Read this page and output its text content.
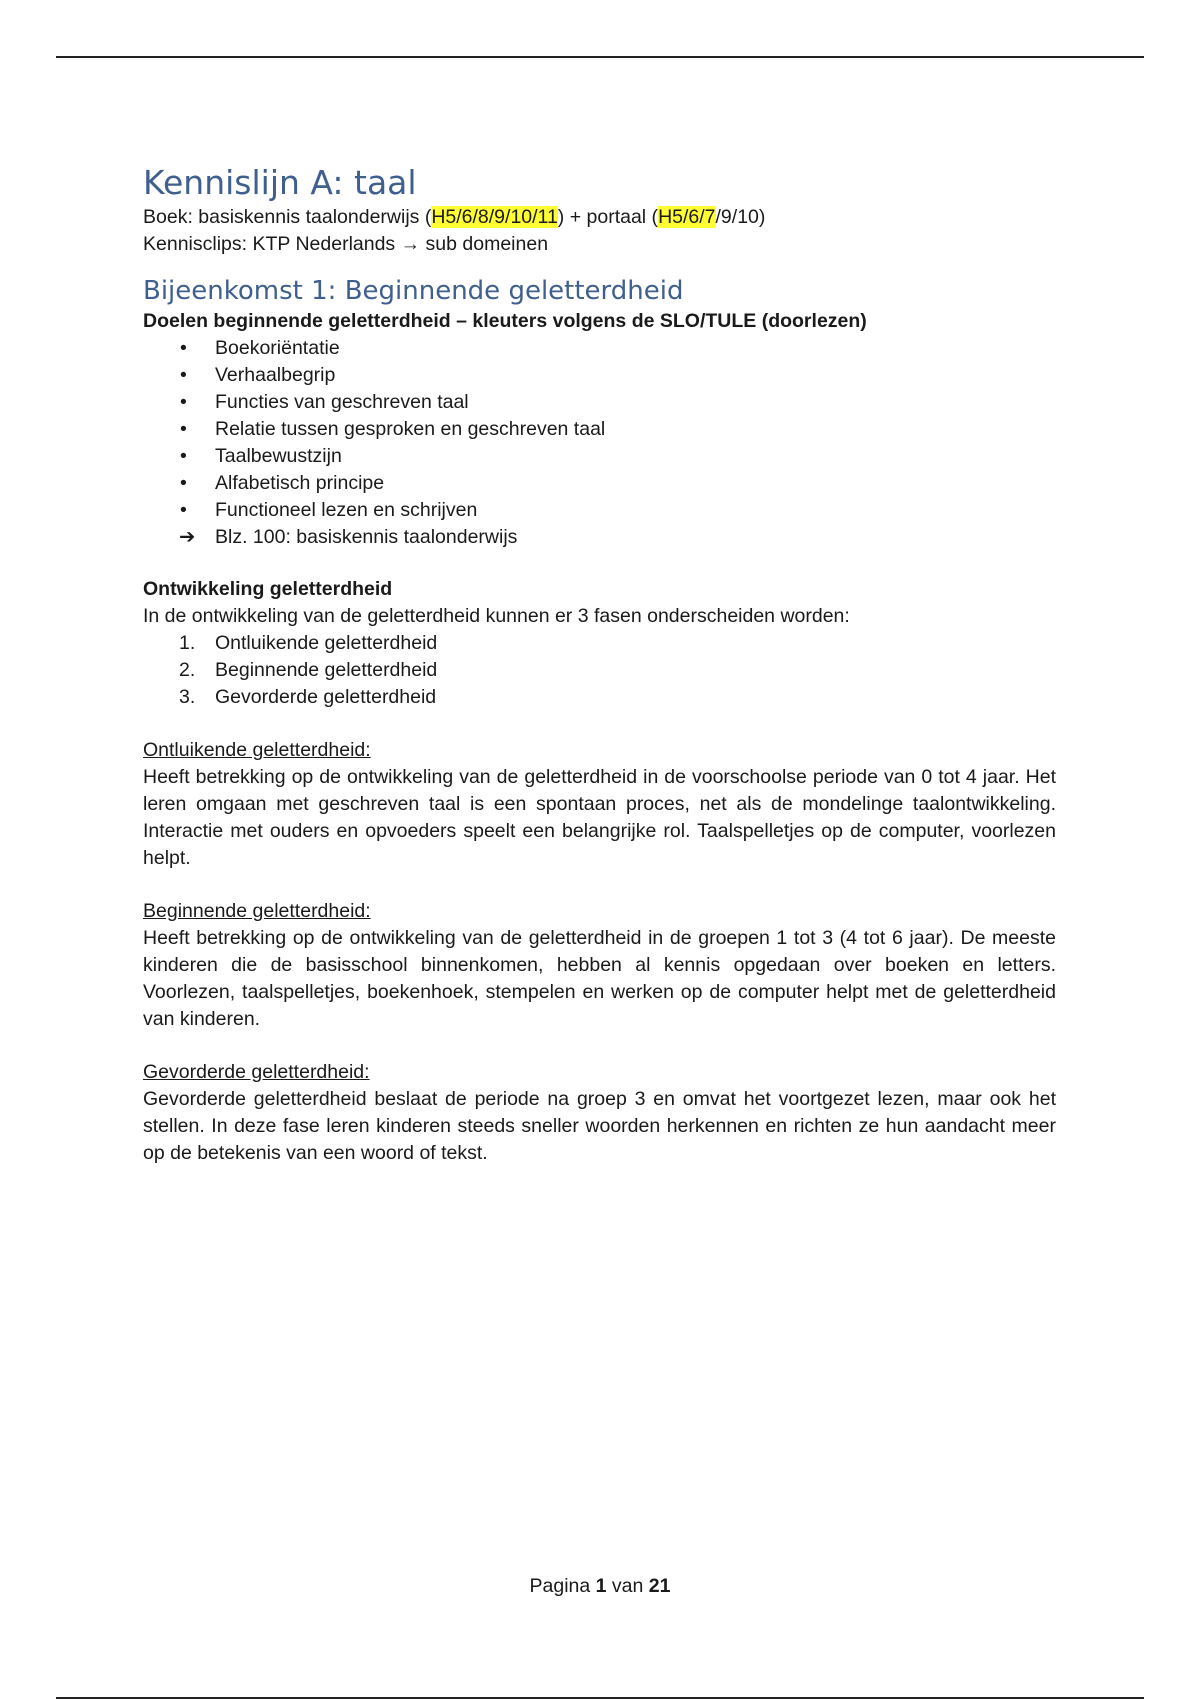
Kennislijn A: taal

Boek: basiskennis taalonderwijs (H5/6/8/9/10/11) + portaal (H5/6/7/9/10)

Kennisclips: KTP Nederlands → sub domeinen

Bijeenkomst 1: Beginnende geletterdheid

Doelen beginnende geletterdheid – kleuters volgens de SLO/TULE (doorlezen)

• Boekoriëntatie
• Verhaalbegrip
• Functies van geschreven taal
• Relatie tussen gesproken en geschreven taal
• Taalbewustzijn
• Alfabetisch principe
• Functioneel lezen en schrijven
➔ Blz. 100: basiskennis taalonderwijs

Ontwikkeling geletterdheid

In de ontwikkeling van de geletterdheid kunnen er 3 fasen onderscheiden worden:

1. Ontluikende geletterdheid
2. Beginnende geletterdheid
3. Gevorderde geletterdheid

Ontluikende geletterdheid:

Heeft betrekking op de ontwikkeling van de geletterdheid in de voorschoolse periode van 0 tot 4 jaar. Het leren omgaan met geschreven taal is een spontaan proces, net als de mondelinge taalontwikkeling. Interactie met ouders en opvoeders speelt een belangrijke rol. Taalspelletjes op de computer, voorlezen helpt.

Beginnende geletterdheid:

Heeft betrekking op de ontwikkeling van de geletterdheid in de groepen 1 tot 3 (4 tot 6 jaar). De meeste kinderen die de basisschool binnenkomen, hebben al kennis opgedaan over boeken en letters. Voorlezen, taalspelletjes, boekenhoek, stempelen en werken op de computer helpt met de geletterdheid van kinderen.

Gevorderde geletterdheid:

Gevorderde geletterdheid beslaat de periode na groep 3 en omvat het voortgezet lezen, maar ook het stellen. In deze fase leren kinderen steeds sneller woorden herkennen en richten ze hun aandacht meer op de betekenis van een woord of tekst.

Pagina 1 van 21
